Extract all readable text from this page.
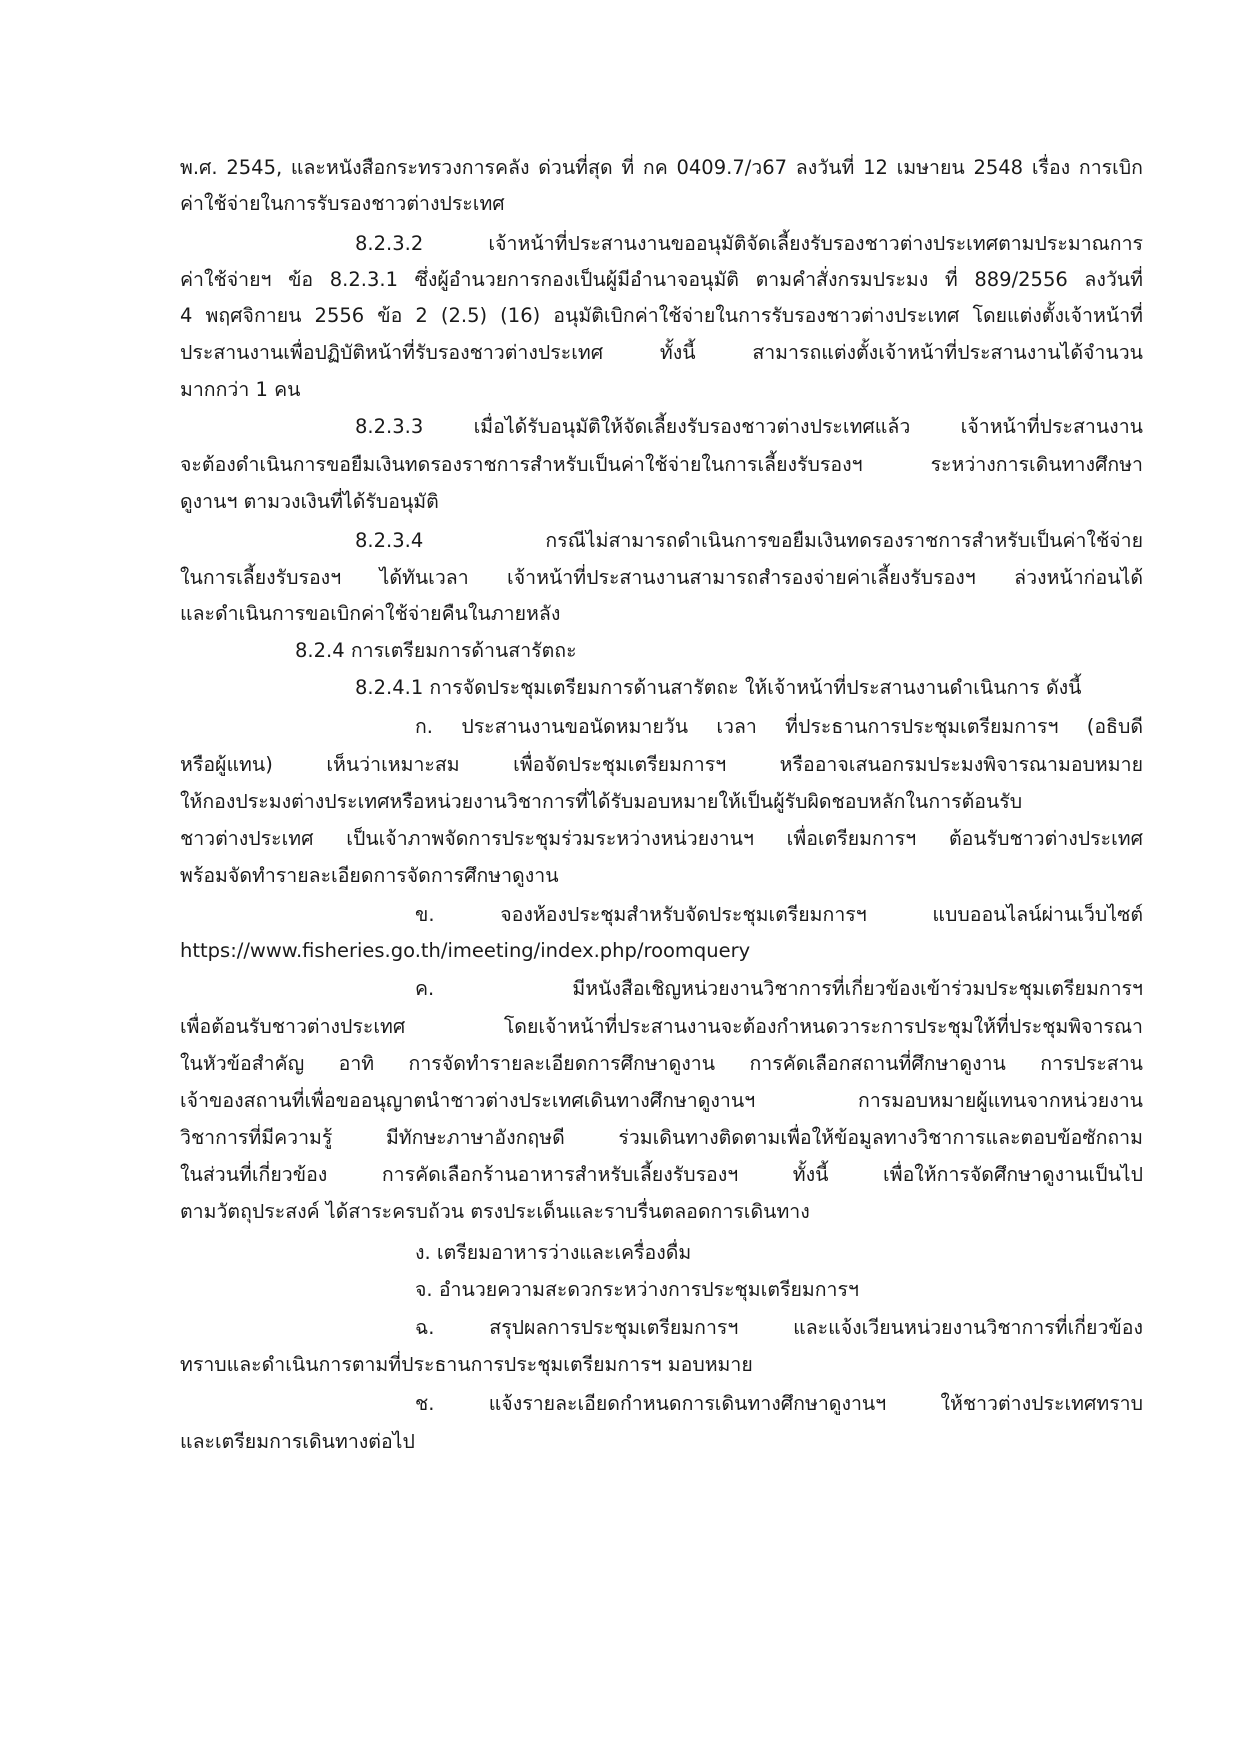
พ.ศ. 2545, และหนังสือกระทรวงการคลัง ด่วนที่สุด ที่ กค 0409.7/ว67 ลงวันที่ 12 เมษายน 2548 เรื่อง การเบิก
ค่าใช้จ่ายในการรับรองชาวต่างประเทศ
8.2.3.2 เจ้าหน้าที่ประสานงานขออนุมัติจัดเลี้ยงรับรองชาวต่างประเทศตามประมาณการ
ค่าใช้จ่ายฯ ข้อ 8.2.3.1 ซึ่งผู้อำนวยการกองเป็นผู้มีอำนาจอนุมัติ ตามคำสั่งกรมประมง ที่ 889/2556 ลงวันที่
4 พฤศจิกายน 2556 ข้อ 2 (2.5) (16) อนุมัติเบิกค่าใช้จ่ายในการรับรองชาวต่างประเทศ โดยแต่งตั้งเจ้าหน้าที่
ประสานงานเพื่อปฏิบัติหน้าที่รับรองชาวต่างประเทศ ทั้งนี้ สามารถแต่งตั้งเจ้าหน้าที่ประสานงานได้จำนวน
มากกว่า 1 คน
8.2.3.3 เมื่อได้รับอนุมัติให้จัดเลี้ยงรับรองชาวต่างประเทศแล้ว เจ้าหน้าที่ประสานงาน
จะต้องดำเนินการขอยืมเงินทดรองราชการสำหรับเป็นค่าใช้จ่ายในการเลี้ยงรับรองฯ ระหว่างการเดินทางศึกษา
ดูงานฯ ตามวงเงินที่ได้รับอนุมัติ
8.2.3.4 กรณีไม่สามารถดำเนินการขอยืมเงินทดรองราชการสำหรับเป็นค่าใช้จ่าย
ในการเลี้ยงรับรองฯ ได้ทันเวลา เจ้าหน้าที่ประสานงานสามารถสำรองจ่ายค่าเลี้ยงรับรองฯ ล่วงหน้าก่อนได้
และดำเนินการขอเบิกค่าใช้จ่ายคืนในภายหลัง
8.2.4 การเตรียมการด้านสารัตถะ
8.2.4.1 การจัดประชุมเตรียมการด้านสารัตถะ ให้เจ้าหน้าที่ประสานงานดำเนินการ ดังนี้
ก. ประสานงานขอนัดหมายวัน เวลา ที่ประธานการประชุมเตรียมการฯ (อธิบดี
หรือผู้แทน) เห็นว่าเหมาะสม เพื่อจัดประชุมเตรียมการฯ หรืออาจเสนอกรมประมงพิจารณามอบหมาย
ให้กองประมงต่างประเทศหรือหน่วยงานวิชาการที่ได้รับมอบหมายให้เป็นผู้รับผิดชอบหลักในการต้อนรับ
ชาวต่างประเทศ เป็นเจ้าภาพจัดการประชุมร่วมระหว่างหน่วยงานฯ เพื่อเตรียมการฯ ต้อนรับชาวต่างประเทศ
พร้อมจัดทำรายละเอียดการจัดการศึกษาดูงาน
ข. จองห้องประชุมสำหรับจัดประชุมเตรียมการฯ แบบออนไลน์ผ่านเว็บไซต์
https://www.fisheries.go.th/imeeting/index.php/roomquery
ค. มีหนังสือเชิญหน่วยงานวิชาการที่เกี่ยวข้องเข้าร่วมประชุมเตรียมการฯ
เพื่อต้อนรับชาวต่างประเทศ โดยเจ้าหน้าที่ประสานงานจะต้องกำหนดวาระการประชุมให้ที่ประชุมพิจารณา
ในหัวข้อสำคัญ อาทิ การจัดทำรายละเอียดการศึกษาดูงาน การคัดเลือกสถานที่ศึกษาดูงาน การประสาน
เจ้าของสถานที่เพื่อขออนุญาตนำชาวต่างประเทศเดินทางศึกษาดูงานฯ การมอบหมายผู้แทนจากหน่วยงาน
วิชาการที่มีความรู้ มีทักษะภาษาอังกฤษดี ร่วมเดินทางติดตามเพื่อให้ข้อมูลทางวิชาการและตอบข้อซักถาม
ในส่วนที่เกี่ยวข้อง การคัดเลือกร้านอาหารสำหรับเลี้ยงรับรองฯ ทั้งนี้ เพื่อให้การจัดศึกษาดูงานเป็นไป
ตามวัตถุประสงค์ ได้สาระครบถ้วน ตรงประเด็นและราบรื่นตลอดการเดินทาง
ง. เตรียมอาหารว่างและเครื่องดื่ม
จ. อำนวยความสะดวกระหว่างการประชุมเตรียมการฯ
ฉ. สรุปผลการประชุมเตรียมการฯ และแจ้งเวียนหน่วยงานวิชาการที่เกี่ยวข้อง
ทราบและดำเนินการตามที่ประธานการประชุมเตรียมการฯ มอบหมาย
ช. แจ้งรายละเอียดกำหนดการเดินทางศึกษาดูงานฯ ให้ชาวต่างประเทศทราบ
และเตรียมการเดินทางต่อไป
